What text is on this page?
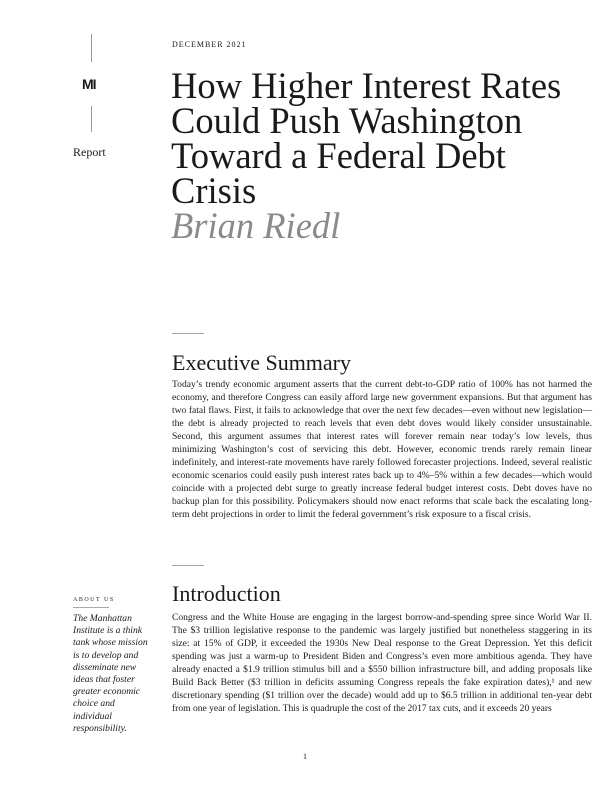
MI
Report
DECEMBER 2021
How Higher Interest Rates Could Push Washington Toward a Federal Debt Crisis
Brian Riedl
Executive Summary

Today’s trendy economic argument asserts that the current debt-to-GDP ratio of 100% has not harmed the economy, and therefore Congress can easily afford large new government expansions. But that argument has two fatal flaws. First, it fails to acknowledge that over the next few decades—even without new legislation—the debt is already projected to reach levels that even debt doves would likely consider unsustainable. Second, this argument assumes that interest rates will forever remain near today’s low levels, thus minimizing Washington’s cost of servicing this debt. However, economic trends rarely remain linear indefinitely, and interest-rate movements have rarely followed forecaster projections. Indeed, several realistic economic scenarios could easily push interest rates back up to 4%–5% within a few decades—which would coincide with a projected debt surge to greatly increase federal budget interest costs. Debt doves have no backup plan for this possibility. Policymakers should now enact reforms that scale back the escalating long-term debt projections in order to limit the federal government’s risk exposure to a fiscal crisis.

Introduction

Congress and the White House are engaging in the largest borrow-and-spending spree since World War II. The $3 trillion legislative response to the pandemic was largely justified but nonetheless staggering in its size: at 15% of GDP, it exceeded the 1930s New Deal response to the Great Depression. Yet this deficit spending was just a warm-up to President Biden and Congress’s even more ambitious agenda. They have already enacted a $1.9 trillion stimulus bill and a $550 billion infrastructure bill, and adding proposals like Build Back Better ($3 trillion in deficits assuming Congress repeals the fake expiration dates),¹ and new discretionary spending ($1 trillion over the decade) would add up to $6.5 trillion in additional ten-year debt from one year of legislation. This is quadruple the cost of the 2017 tax cuts, and it exceeds 20 years

ABOUT US

The Manhattan Institute is a think tank whose mission is to develop and disseminate new ideas that foster greater economic choice and individual responsibility.

1
